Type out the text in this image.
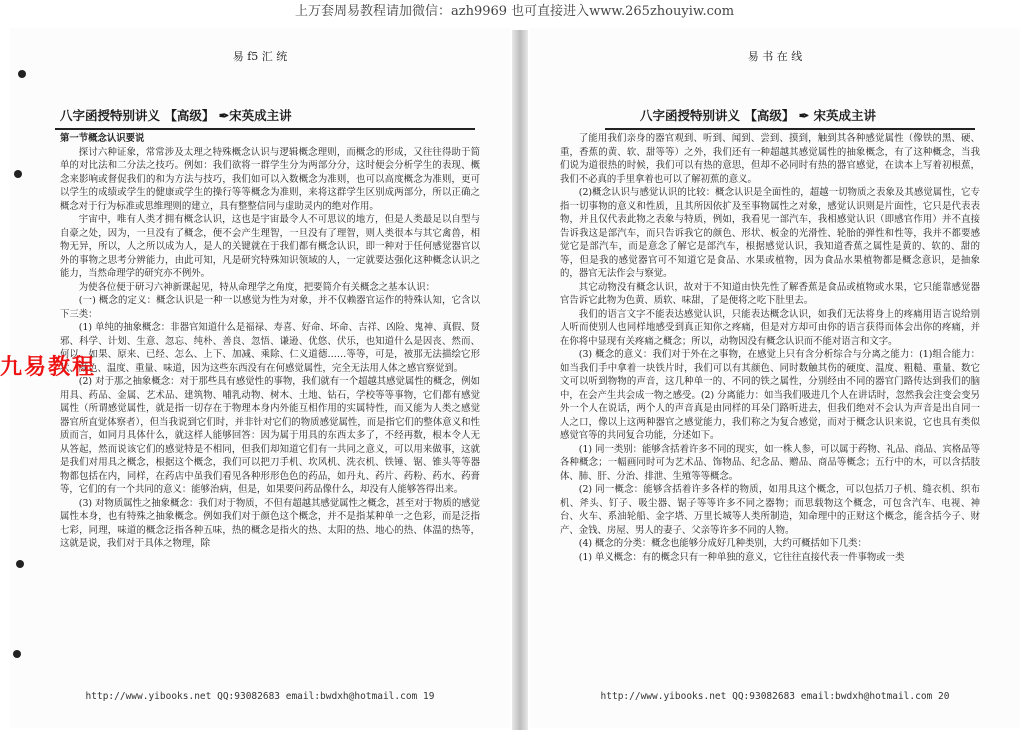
上万套周易教程请加微信：azh9969 也可直接进入www.265zhouyiw.com
易 f5 汇 统
八字函授特别讲义 【高级】 ✒宋英成主讲

第一节概念认识要说

探讨六种证象，常常涉及太理之特殊概念认识与逻辑概念理则，而概念的形成，又往往得助于简单的对比法和二分法之技巧。例如：我们欲将一群学生分为两部分分，这时便会分析学生的表现、概念来影响或督促我们的和为方法与技巧，我们如可以入数概念为准则，也可以高度概念为准则，更可以学生的成绩或学生的健康或学生的操行等等概念为准则，来将这群学生区别成两部分，所以正确之概念对于行为标准或思维理则的建立，具有整整信同与虚助灵内的绝对作用。

宇宙中，唯有人类才拥有概念认识，这也是宇宙最令人不可思议的地方，但是人类最足以自型与自豪之处，因为，一旦没有了概念，便不会产生理智，一旦没有了理智，则人类很本与其它禽兽，相物无异，所以，人之所以成为人，是人的关键就在于我们都有概念认识，即一种对于任何感觉器官以外的事物之思考分辨能力，由此可知，凡是研究特殊知识领域的人，一定就要达强化这种概念认识之能力，当然命理学的研究亦不例外。

为使各位便于研习六神新课起见，特从命理学之角度，把要简介有关概念之基本认识：

(一) 概念的定义：概念认识是一种一以感觉为性为对象，并不仅赖器官运作的特殊认知，它含以下三类：

(1) 单纯的抽象概念：非器官知道什么是福禄、寿喜、好命、坏命、吉祥、凶险、鬼神、真假、贤邪、科学、计划、生意、忽忘、纯朴、善良、忽悟、谦逊、优悠、伏乐，也知道什么是因丧、然而、何以、如果、原来、已经、怎么、上下、加减、乘除、仁义道德……等等，可是，被那无法描绘它形状、颜色、温度、重量、味道，因为这些东西没有在何感觉属性，完全无法用人体之感官察觉到。

(2) 对于那之抽象概念：对于那些具有感觉性的事物，我们就有一个超越其感觉属性的概念，例如用具、药品、金属、艺术品、建筑物、哺乳动物、树木、土地、钻石，学校等等事物，它们都有感觉属性（所谓感觉属性，就是指一切存在于物理本身内外能互相作用的实属特性，而又能为人类之感觉器官所直觉体察者），但当我说到它们时，并非针对它们的物质感觉属性，而是指它们的整体意义和性质而言，如同月具体什么，就这样人能够回答：因为属于用具的东西太多了，不经再数，根本令人无从答起，然而说该它们的感觉特是不相同，但我们却知道它们有一共同之意义，可以用来做事，这就是我们对用具之概念，根据这个概念，我们可以把刀手机、坎风机、洗衣机、铁锤、锯、锥头等等器物都包括在内，同样，在药店中虽我们看见各种形形色色的药品，如丹丸、药片、药粉、药水、药膏等，它们的有一个共同的意义：能够治病，但是，如果要问药品像什么，却没有人能够答得出来。

(3) 对物质属性之抽象概念：我们对于物质，不但有超越其感觉属性之概念，甚至对于物质的感觉属性本身，也有特殊之抽象概念。例如我们对于颜色这个概念，并不是指某种单一之色彩，而是泛指七彩，同理，味道的概念泛指各种五味，热的概念是指火的热、太阳的热、地心的热、体温的热等，这就是说，我们对于具体之物理，除

http://www.yibooks.net QQ:93082683 email:bwdxh@hotmail.com 19
易 书 在 线
八字函授特别讲义 【高级】 ✒ 宋英成主讲

了能用我们亲身的器官观到、听到、闻到、尝到、摸到，触到其各种感觉属性（像铁的黑、硬、重，香蕉的黄、软、甜等等）之外，我们还有一种超越其感觉属性的抽象概念，有了这种概念，当我们说为道很热的时候，我们可以有热的意思，但却不必同时有热的器官感觉，在读本上写着初根蕉，我们不必真的手里拿着也可以了解初蕉的意义。

(2)概念认识与感觉认识的比较：概念认识是全面性的，超越一切物质之表象及其感觉属性，它专指一切事物的意义和性质，且其所因依扩及至事物属性之对象，感觉认识则是片面性，它只是代表表物，并且仅代表此物之表象与特质，例如，我看见一部汽车，我相感觉认识（即感官作用）并不直接告诉我这是部汽车，而只告诉我它的颜色、形状、板金的光滑性、轮胎的弹性和性等，我并不都要感觉它是部汽车，而是意念了解它是部汽车，根据感觉认识，我知道香蕉之属性是黄的、软的、甜的等，但是我的感觉器官可不知道它是食品、水果或植物，因为食品水果植物都是概念意识，是抽象的，器官无法作会与察觉。

其它动物没有概念认识，故对于不知道由快先性了解香蕉是食品或植物或水果，它只能靠感觉器官告诉它此物为色黄、质软、味甜，了是便将之吃下肚里去。

我们的语言文字不能表达感觉认识，只能表达概念认识，如我们无法将身上的疼痛用语言说给别人听而使别人也同样地感受到真正知你之疼痛，但是对方却可由你的语言获得而体会出你的疼痛，并在你将中显现有关疼痛之概念；所以，动物因没有概念认识而不能对语言和文字。

(3) 概念的意义：我们对于外在之事物，在感觉上只有含分析综合与分离之能力：(1)组合能力：如当我们手中拿着一块铁片时，我们可以有其颜色、同时数触其伤的硬度、温度、粗糙、重量、数它文可以听到物物的声音，这几种单一的、不同的铁之属性，分别经由不同的器官门路传达到我们的脑中，在会产生共会成一物之感受。(2) 分离能力：如当我们吸进几个人在讲话时，忽然我会注变会变另外一个人在说话，两个人的声音真是由同样的耳朵门路听进去，但我们绝对不会认为声音是出自同一人之口，像以上这两种器官之感觉能力，我们称之为复合感觉，而对于概念认识来说，它也具有类似感觉官等的共同复合功能，分述如下。

(1) 同一类别：能够含括着许多不同的现实，如一株人参，可以属于药物、礼品、商品、宾格品等各种概念；一幅画同时可为艺术品、饰物品、纪念品、赠品、商品等概念；五行中的木，可以含括肢体、肺、肝、分治、排泄、生殖等等概念。

(2) 同一概念：能够含括着许多各样的物质，如用具这个概念，可以包括刀子机、缝衣机、织布机、斧头、钉子、吸尘器、锯子等等许多不同之器物；而思载物这个概念，可包含汽车、电视、神台、火车、系油轮船、金字塔、万里长城等人类所制造，知命理中的正财这个概念，能含括今子、财产、金钱、房屋、男人的妻子、父亲等许多不同的人物。

(4) 概念的分类：概念也能够分成好几种类别，大约可概括如下几类：

(1) 单义概念：有的概念只有一种单独的意义，它往往直接代表一件事物或一类

http://www.yibooks.net QQ:93082683 email:bwdxh@hotmail.com 20
九易教程
